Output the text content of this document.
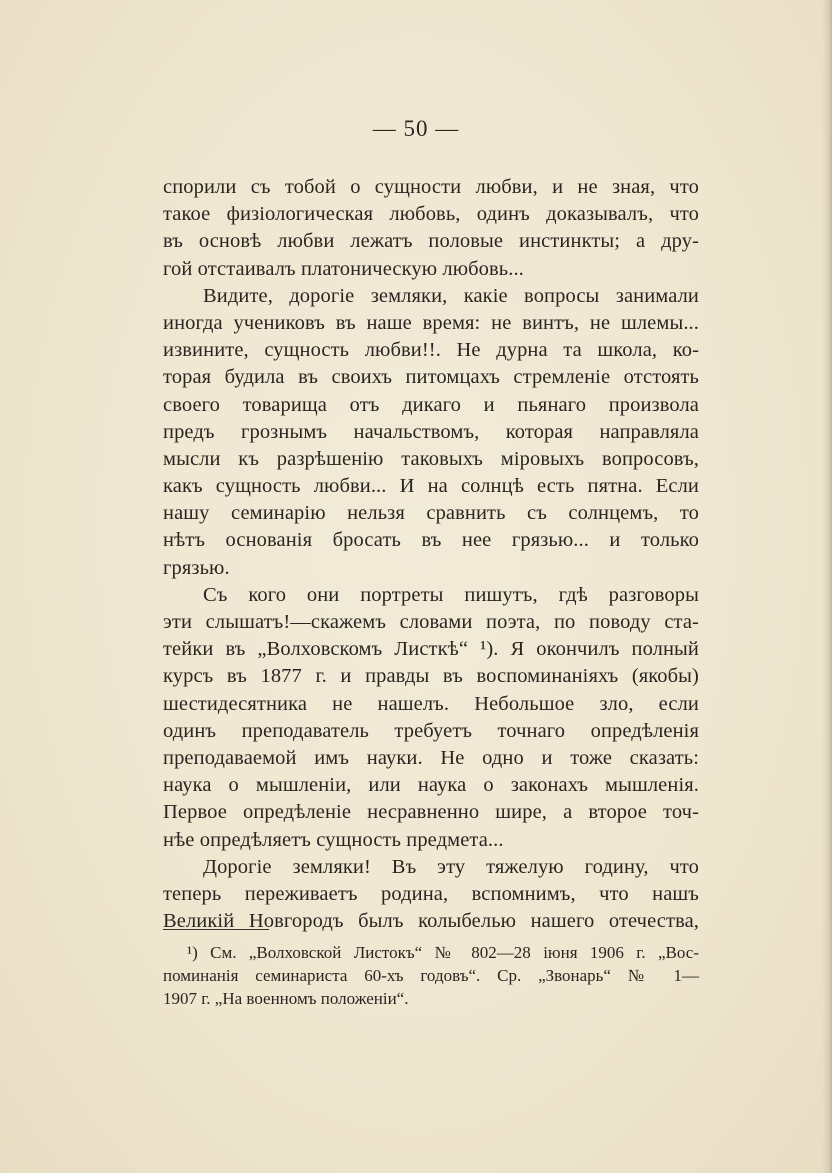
— 50 —
спорили съ тобой о сущности любви, и не зная, что
такое физіологическая любовь, одинъ доказывалъ, что
въ основѣ любви лежатъ половые инстинкты; а дру-
гой отстаивалъ платоническую любовь...
Видите, дорогіе земляки, какіе вопросы занимали
иногда учениковъ въ наше время: не винтъ, не шлемы...
извините, сущность любви!!. Не дурна та школа, ко-
торая будила въ своихъ питомцахъ стремленіе отстоять
своего товарища отъ дикаго и пьянаго произвола
предъ грознымъ начальствомъ, которая направляла
мысли къ разрѣшенію таковыхъ міровыхъ вопросовъ,
какъ сущность любви... И на солнцѣ есть пятна. Если
нашу семинарію нельзя сравнить съ солнцемъ, то
нѣтъ основанія бросать въ нее грязью... и только
грязью.
Съ кого они портреты пишутъ, гдѣ разговоры
эти слышатъ!—скажемъ словами поэта, по поводу ста-
тейки въ „Волховскомъ Листкѣ“ ¹). Я окончилъ полный
курсъ въ 1877 г. и правды въ воспоминаніяхъ (якобы)
шестидесятника не нашелъ. Небольшое зло, если
одинъ преподаватель требуетъ точнаго опредѣленія
преподаваемой имъ науки. Не одно и тоже сказать:
наука о мышленіи, или наука о законахъ мышленія.
Первое опредѣленіе несравненно шире, а второе точ-
нѣе опредѣляетъ сущность предмета...
Дорогіе земляки! Въ эту тяжелую годину, что
теперь переживаетъ родина, вспомнимъ, что нашъ
Великій Новгородъ былъ колыбелью нашего отечества,
¹) См. „Волховской Листокъ“ № 802—28 іюня 1906 г. „Вос-
поминанія семинариста 60-хъ годовъ“. Ср. „Звонарь“ № 1—
1907 г. „На военномъ положеніи“.
